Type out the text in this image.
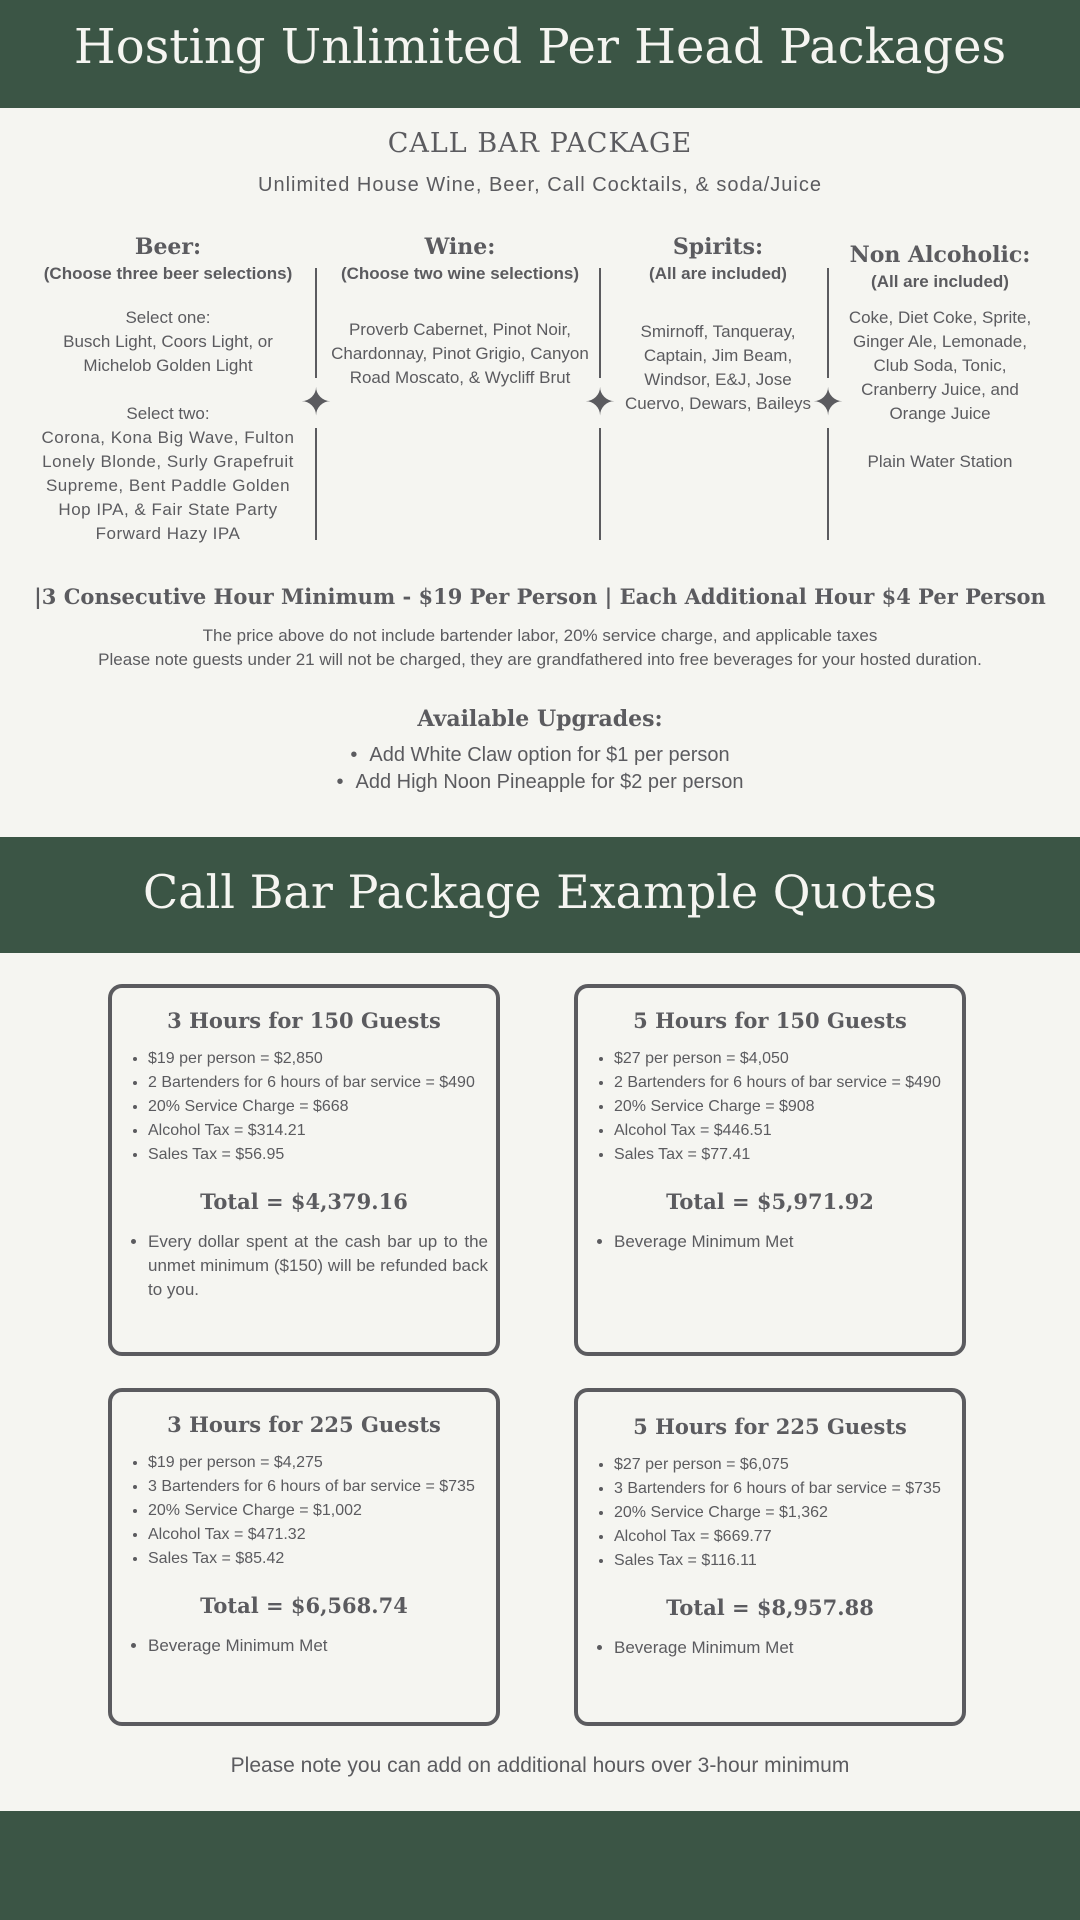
Hosting Unlimited Per Head Packages
CALL BAR PACKAGE
Unlimited House Wine, Beer, Call Cocktails, & soda/Juice
Beer:
(Choose three beer selections)

Select one:

Busch Light, Coors Light, or Michelob Golden Light

Select two:

Corona, Kona Big Wave, Fulton Lonely Blonde, Surly Grapefruit Supreme, Bent Paddle Golden Hop IPA, & Fair State Party Forward Hazy IPA

✦
Wine:
(Choose two wine selections)

Proverb Cabernet, Pinot Noir, Chardonnay, Pinot Grigio, Canyon Road Moscato, & Wycliff Brut

✦
Spirits:
(All are included)

Smirnoff, Tanqueray, Captain, Jim Beam, Windsor, E&J, Jose Cuervo, Dewars, Baileys ✦
Non Alcoholic:
(All are included)

Coke, Diet Coke, Sprite, Ginger Ale, Lemonade, Club Soda, Tonic, Cranberry Juice, and Orange Juice

Plain Water Station

|3 Consecutive Hour Minimum - $19 Per Person | Each Additional Hour $4 Per Person
The price above do not include bartender labor, 20% service charge, and applicable taxes
Please note guests under 21 will not be charged, they are grandfathered into free beverages for your hosted duration.
Available Upgrades:
• Add White Claw option for $1 per person
• Add High Noon Pineapple for $2 per person
Call Bar Package Example Quotes
3 Hours for 150 Guests
• $19 per person = $2,850
• 2 Bartenders for 6 hours of bar service = $490
• 20% Service Charge = $668
• Alcohol Tax = $314.21
• Sales Tax = $56.95
Total = $4,379.16
• Every dollar spent at the cash bar up to the unmet minimum ($150) will be refunded back to you.
5 Hours for 150 Guests
• $27 per person = $4,050
• 2 Bartenders for 6 hours of bar service = $490
• 20% Service Charge = $908
• Alcohol Tax = $446.51
• Sales Tax = $77.41
Total = $5,971.92
• Beverage Minimum Met
3 Hours for 225 Guests
• $19 per person = $4,275
• 3 Bartenders for 6 hours of bar service = $735
• 20% Service Charge = $1,002
• Alcohol Tax = $471.32
• Sales Tax = $85.42
Total = $6,568.74
• Beverage Minimum Met
5 Hours for 225 Guests
• $27 per person = $6,075
• 3 Bartenders for 6 hours of bar service = $735
• 20% Service Charge = $1,362
• Alcohol Tax = $669.77
• Sales Tax = $116.11
Total = $8,957.88
• Beverage Minimum Met
Please note you can add on additional hours over 3-hour minimum
